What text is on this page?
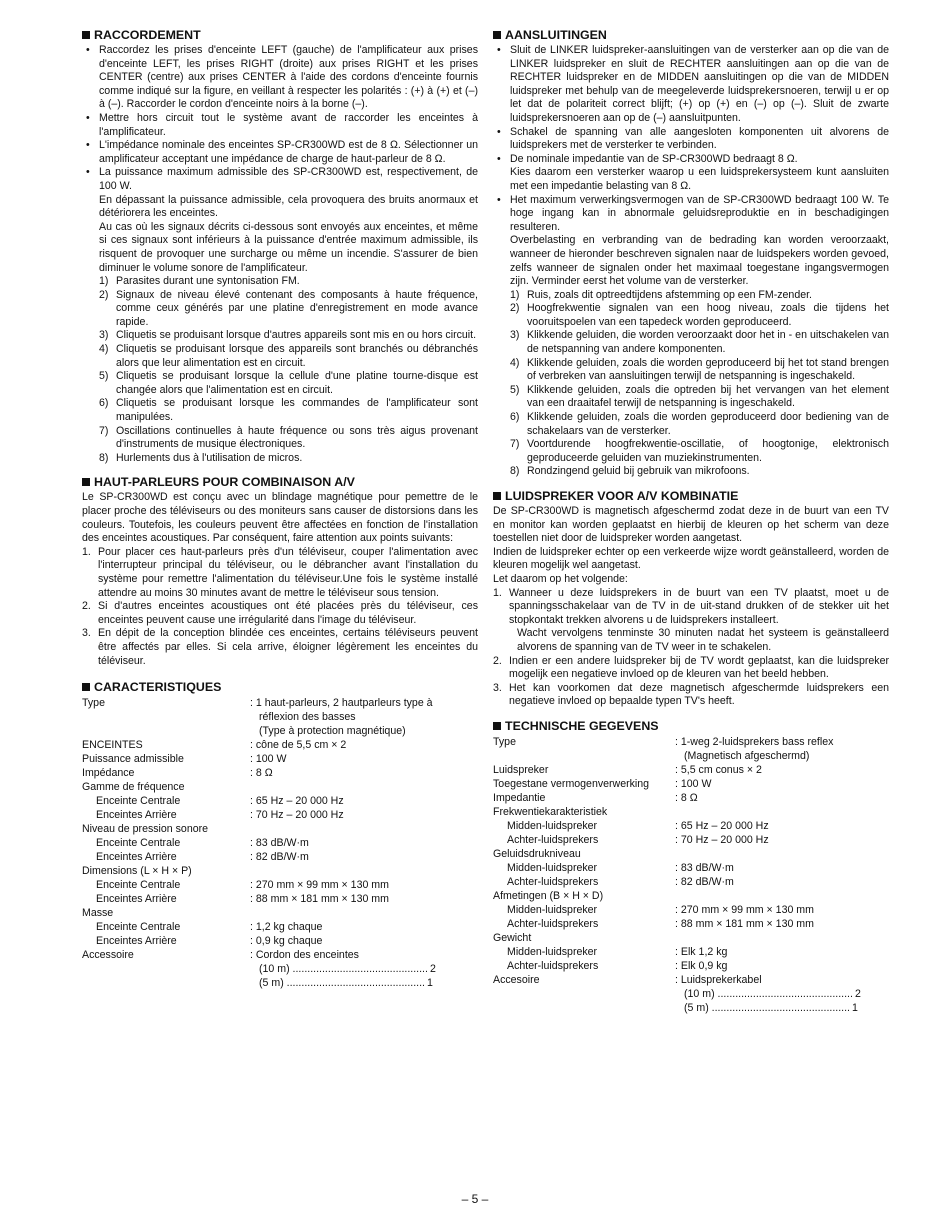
RACCORDEMENT
• Raccordez les prises d'enceinte LEFT (gauche) de l'amplificateur aux prises d'enceinte LEFT, les prises RIGHT (droite) aux prises RIGHT et les prises CENTER (centre) aux prises CENTER à l'aide des cordons d'enceinte fournis comme indiqué sur la figure, en veillant à respecter les polarités : (+) à (+) et (–) à (–). Raccorder le cordon d'enceinte noirs à la borne (–).
• Mettre hors circuit tout le système avant de raccorder les enceintes à l'amplificateur.
• L'impédance nominale des enceintes SP-CR300WD est de 8 Ω. Sélectionner un amplificateur acceptant une impédance de charge de haut-parleur de 8 Ω.
• La puissance maximum admissible des SP-CR300WD est, respectivement, de 100 W.
En dépassant la puissance admissible, cela provoquera des bruits anormaux et détériorera les enceintes.
Au cas où les signaux décrits ci-dessous sont envoyés aux enceintes, et même si ces signaux sont inférieurs à la puissance d'entrée maximum admissible, ils risquent de provoquer une surcharge ou même un incendie. S'assurer de bien diminuer le volume sonore de l'amplificateur.
1) Parasites durant une syntonisation FM.
2) Signaux de niveau élevé contenant des composants à haute fréquence, comme ceux générés par une platine d'enregistrement en mode avance rapide.
3) Cliquetis se produisant lorsque d'autres appareils sont mis en ou hors circuit.
4) Cliquetis se produisant lorsque des appareils sont branchés ou débranchés alors que leur alimentation est en circuit.
5) Cliquetis se produisant lorsque la cellule d'une platine tourne-disque est changée alors que l'alimentation est en circuit.
6) Cliquetis se produisant lorsque les commandes de l'amplificateur sont manipulées.
7) Oscillations continuelles à haute fréquence ou sons très aigus provenant d'instruments de musique électroniques.
8) Hurlements dus à l'utilisation de micros.
HAUT-PARLEURS POUR COMBINAISON A/V

Le SP-CR300WD est conçu avec un blindage magnétique pour pemettre de le placer proche des téléviseurs ou des moniteurs sans causer de distorsions dans les couleurs. Toutefois, les couleurs peuvent être affectées en fonction de l'installation des enceintes acoustiques. Par conséquent, faire attention aux points suivants:

1. Pour placer ces haut-parleurs près d'un téléviseur, couper l'alimentation avec l'interrupteur principal du téléviseur, ou le débrancher avant l'installation du système pour remettre l'alimentation du téléviseur.Une fois le système installé attendre au moins 30 minutes avant de mettre le téléviseur sous tension.
2. Si d'autres enceintes acoustiques ont été placées près du téléviseur, ces enceintes peuvent cause une irrégularité dans l'image du téléviseur.
3. En dépit de la conception blindée ces enceintes, certains téléviseurs peuvent être affectés par elles. Si cela arrive, éloigner légèrement les enceintes du téléviseur.
CARACTERISTIQUES
Type	: 1 haut-parleurs, 2 hautparleurs type à
réflexion des basses
(Type à protection magnétique)
ENCEINTES	: cône de 5,5 cm × 2
Puissance admissible	: 100 W
Impédance	: 8 Ω
Gamme de fréquence
Enceinte Centrale	: 65 Hz – 20 000 Hz
Enceintes Arrière	: 70 Hz – 20 000 Hz
Niveau de pression sonore
Enceinte Centrale	: 83 dB/W·m
Enceintes Arrière	: 82 dB/W·m
Dimensions (L × H × P)
Enceinte Centrale	: 270 mm × 99 mm × 130 mm
Enceintes Arrière	: 88 mm × 181 mm × 130 mm
Masse
Enceinte Centrale	: 1,2 kg chaque
Enceintes Arrière	: 0,9 kg chaque
Accessoire	: Cordon des enceintes
(10 m) .............................................. 2
(5 m) ............................................... 1
AANSLUITINGEN
• Sluit de LINKER luidspreker-aansluitingen van de versterker aan op die van de LINKER luidspreker en sluit de RECHTER aansluitingen aan op die van de RECHTER luidspreker en de MIDDEN aansluitingen op die van de MIDDEN luidspreker met behulp van de meegeleverde luidsprekersnoeren, terwijl u er op let dat de polariteit correct blijft; (+) op (+) en (–) op (–). Sluit de zwarte luidsprekersnoeren aan op de (–) aansluitpunten.
• Schakel de spanning van alle aangesloten komponenten uit alvorens de luidsprekers met de versterker te verbinden.
• De nominale impedantie van de SP-CR300WD bedraagt 8 Ω.
Kies daarom een versterker waarop u een luidsprekersysteem kunt aansluiten met een impedantie belasting van 8 Ω.
• Het maximum verwerkingsvermogen van de SP-CR300WD bedraagt 100 W. Te hoge ingang kan in abnormale geluidsreproduktie en in beschadigingen resulteren.
Overbelasting en verbranding van de bedrading kan worden veroorzaakt, wanneer de hieronder beschreven signalen naar de luidspekers worden gevoed, zelfs wanneer de signalen onder het maximaal toegestane ingangsvermogen zijn. Verminder eerst het volume van de versterker.
1) Ruis, zoals dit optreedtijdens afstemming op een FM-zender.
2) Hoogfrekwentie signalen van een hoog niveau, zoals die tijdens het vooruitspoelen van een tapedeck worden geproduceerd.
3) Klikkende geluiden, die worden veroorzaakt door het in - en uitschakelen van de netspanning van andere komponenten.
4) Klikkende geluiden, zoals die worden geproduceerd bij het tot stand brengen of verbreken van aansluitingen terwijl de netspanning is ingeschakeld.
5) Klikkende geluiden, zoals die optreden bij het vervangen van het element van een draaitafel terwijl de netspanning is ingeschakeld.
6) Klikkende geluiden, zoals die worden geproduceerd door bediening van de schakelaars van de versterker.
7) Voortdurende hoogfrekwentie-oscillatie, of hoogtonige, elektronisch geproduceerde geluiden van muziekinstrumenten.
8) Rondzingend geluid bij gebruik van mikrofoons.
LUIDSPREKER VOOR A/V KOMBINATIE

De SP-CR300WD is magnetisch afgeschermd zodat deze in de buurt van een TV en monitor kan worden geplaatst en hierbij de kleuren op het scherm van deze toestellen niet door de luidspreker worden aangetast.

Indien de luidspreker echter op een verkeerde wijze wordt geänstalleerd, worden de kleuren mogelijk wel aangetast.

Let daarom op het volgende:

1. Wanneer u deze luidsprekers in de buurt van een TV plaatst, moet u de spanningsschakelaar van de TV in de uit-stand drukken of de stekker uit het stopkontakt trekken alvorens u de luidsprekers installeert.
Wacht vervolgens tenminste 30 minuten nadat het systeem is geänstalleerd alvorens de spanning van de TV weer in te schakelen.
2. Indien er een andere luidspreker bij de TV wordt geplaatst, kan die luidspreker mogelijk een negatieve invloed op de kleuren van het beeld hebben.
3. Het kan voorkomen dat deze magnetisch afgeschermde luidsprekers een negatieve invloed op bepaalde typen TV's heeft.
TECHNISCHE GEGEVENS
Type	: 1-weg 2-luidsprekers bass reflex
(Magnetisch afgeschermd)
Luidspreker	: 5,5 cm conus × 2
Toegestane vermogenverwerking	: 100 W
Impedantie	: 8 Ω
Frekwentiekarakteristiek
Midden-luidspreker	: 65 Hz – 20 000 Hz
Achter-luidsprekers	: 70 Hz – 20 000 Hz
Geluidsdrukniveau
Midden-luidspreker	: 83 dB/W·m
Achter-luidsprekers	: 82 dB/W·m
Afmetingen (B × H × D)
Midden-luidspreker	: 270 mm × 99 mm × 130 mm
Achter-luidsprekers	: 88 mm × 181 mm × 130 mm
Gewicht
Midden-luidspreker	: Elk 1,2 kg
Achter-luidsprekers	: Elk 0,9 kg
Accesoire	: Luidsprekerkabel
(10 m) .............................................. 2
(5 m) ............................................... 1
– 5 –
